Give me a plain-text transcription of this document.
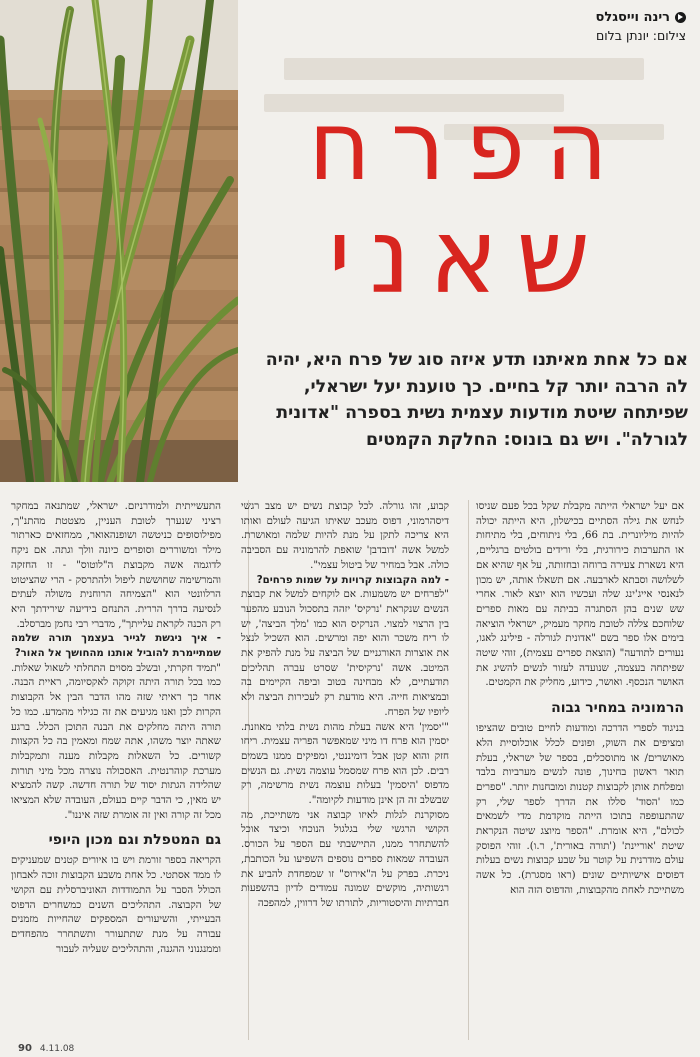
רינה וייסגלס
צילום: יונתן בלום
הפרח
שאני
אם כל אחת מאיתנו תדע איזה סוג של פרח היא, יהיה לה הרבה יותר קל בחיים. כך טוענת יעל ישראלי, שפיתחה שיטת מודעות עצמית נשית בספרה "אדונית לגורלה". ויש גם בונוס: החלקת הקמטים

אם יעל ישראלי הייתה מקבלת שקל בכל פעם שניסו לנחש את גילה הסתיים בכישלון, היא הייתה יכולה להיות מיליונרית. בת 66, בלי ניתוחים, בלי מתיחות או התערבות כירורגית, בלי ורידים בולטים ברגליים, היא נשארת צעירה ברוחה ובחזותה, על אף שהיא אם לשלושה וסבתא לארבעה. אם תשאלו אותה, יש מכון לנאנסי אייג'ינג שלה ועכשיו הוא יוצא לאור. אחרי שש שנים בהן הסתגרה בביתה עם מאות ספרים שלוחכם צללה לטובת מחקר מעמיק, ישראלי הוציאה בימים אלו ספר בשם "אדונית לגורלה - פילינג לאגו, נעורים לתודעה" (הוצאת ספרים עצמית), זוהי שיטה שפיתחה בעצמה, שנועדה לעזור לנשים להשיג את האושר הנכסף. ואושר, כידוע, מחליק את הקמטים.

הרמוניה במחיר גבוה

בניגוד לספרי הדרכה ומודעות לחיים טובים שהציפו ומציפים את השוק, ופונים לכלל אוכלוסיית הלא מאושרים/ או מתוסכלים, בספר של ישראלי, בעלת תואר ראשון בחינוך, פונה לנשים מערביות בלבד ומפלחת אותן לקבוצות קטנות ומובחנות יותר. "ספרים כמו 'הסוד' סללו את הדרך לספר שלי, רק שהתעופפה בתוכו הייתה מוקדמת מדי לשמאים לכולם", היא אומרת. "הספר מיוצג שיטה הנקראת שיטת 'אוריינת' ('תורה באורית', ר.ו). זוהי הפוסק עולם מודרנית על קוטר על שבע קבוצות נשים בעלות דפוסים אישיותיים שונים (ראו מסגרת). כל אשה משתייכת לאחת מהקבוצות, והדפוס הזה הוא

קבוע, זהו גורלה. לכל קבוצת נשים יש מצב רגשי דיסהרמוני, דפוס מעכב שאיתו הגיעה לעולם ואותו היא צריכה לתקן על מנת להיות שלמה ומאושרת. למשל אשה 'דובדבן' שואפת להרמוניה עם הסביבה כולה. אבל במחיר של ביטול עצמי".

- למה הקבוצות קרויות על שמות פרחים?

"לפרחים יש משמעות. אם לוקחים למשל את קבוצת הנשים שנקראת 'נרקיס' יזהה בתסכול הנובע מהפער בין הרצוי למצוי. הנרקיס הוא כמו 'מלך הביצה', יש לו ריח משכר והוא יפה ומרשים. הוא השכיל לנצל את אוצרות האורגניים של הביצה על מנת להפיק את המיטב. אשה 'נרקיסית' שסרט עברה תהליכים תודעתיים, לא מבחינה בטוב וביפה הקיימים בה ובמציאות חייה. היא מודעת רק לעכירות הביצה ולא ליופיו של הפרח.

"'יסמין' היא אשה בעלת מהות נשית בלתי מאוזנת. יסמין הוא פרח דו מיני שמאפשר הפריה עצמית. ריחו חזק והוא קטן אבל דומיננטי, ומפיקים ממנו בשמים רבים. לכן הוא פרח שמסמל עוצמה נשית. גם הנשים מדפוס 'היסמין' בעלות עוצמה נשית מרשימה, רק שבשלב זה הן אינן מודעות לקיומה".

מסוקרנת לגלות לאיזו קבוצה אני משתייכת, מה הקושי הרגשי שלי בגלגול הנוכחי וכיצד אוכל להשתחרר ממנו, התיישבתי עם הספר על הכורס. העובדה שמאות ספרים נוספים השפיעו על הכותבת, ניכרת. בפרק על ה"אירוס" זו שמפחדת להביע את רגשותיה, מוקשים שמונה עמודים לדיון בהשפעות חברתיות והיסטוריות, לתורתו של דרווין, למהפכה

התעשייתית ולמודרניזם. ישראלי, שמתנאה במחקר רציני שנערך לטובת העניין, מצטטת מהתנ"ך, מפילוסופים כניטשה ושופנהאואר, ממחזאים כארתור מילר ומשוררים וסופרים כיונה וולך וגתה. אם ניקח לדוגמה אשה מקבוצת ה"לוטוס" - זו החזקה והמרשימה שחוששת ליפול ולהתרסק - הרי שהציטוט הרלוונטי הוא "הצמיחה הרוחנית משולה לעתים לנסיעה בדרך הררית. התנחם בידיעה שירידתך היא רק הכנה לקראת עלייתך", מדברי רבי נחמן מברסלב.

- איך ניגשת לגייר בעצמך תורה שלמה שמתיימרת להוביל אותנו מהחושך אל האור?

"תמיד חקרתי, ובשלב מסוים התחלתי לשאול שאלות. כמו בכל תורה היתה זקוקה לאקסיומה, ראיית הבנה. אחר כך ראיתי שזה מהו הדבר הבין אל הקבוצות הקרות לכן ואנו מגיעים את זה כגילוי מהמדע. כמו כל תורה היתה מחלקים את הבנה התוכן הכלל. ברגע שאתה יוצר משהו, אתה שמח ומאמין בה כל הקצוות קשורים. כל השאלות מקבלות מענה ותמקבלות מערכת קוהרנטית. האסכולה נוצרה מכל מיני תורות שהלידה הגתות יסוד של תורה חדשה. קשה להמציא יש מאין, כי הדבר קיים בעולם, העובדה שלא המציאו מכל זה קורה ואין זה אומרת שזה איננו".

גם המטפלת וגם מכון היופי

הקריאה בספר זורמת ויש בו איורים קטנים שמעניקים לו ממד אסתטי. כל אחת משבע הקבוצות זוכה לאבחון הכולל הסבר על התמודדות האוניברסלית עם הקושי של הקבוצה. התהליכים השנים כמשחרים הדפוס הבעייתי, והשיעורים המספקים שהחייות מזמנים עבורה על מנת שתתעורר ותשתחרר מהפחדים וממנגנוני ההגנה, והתהליכים שעליה לעבור

90 4.11.08
